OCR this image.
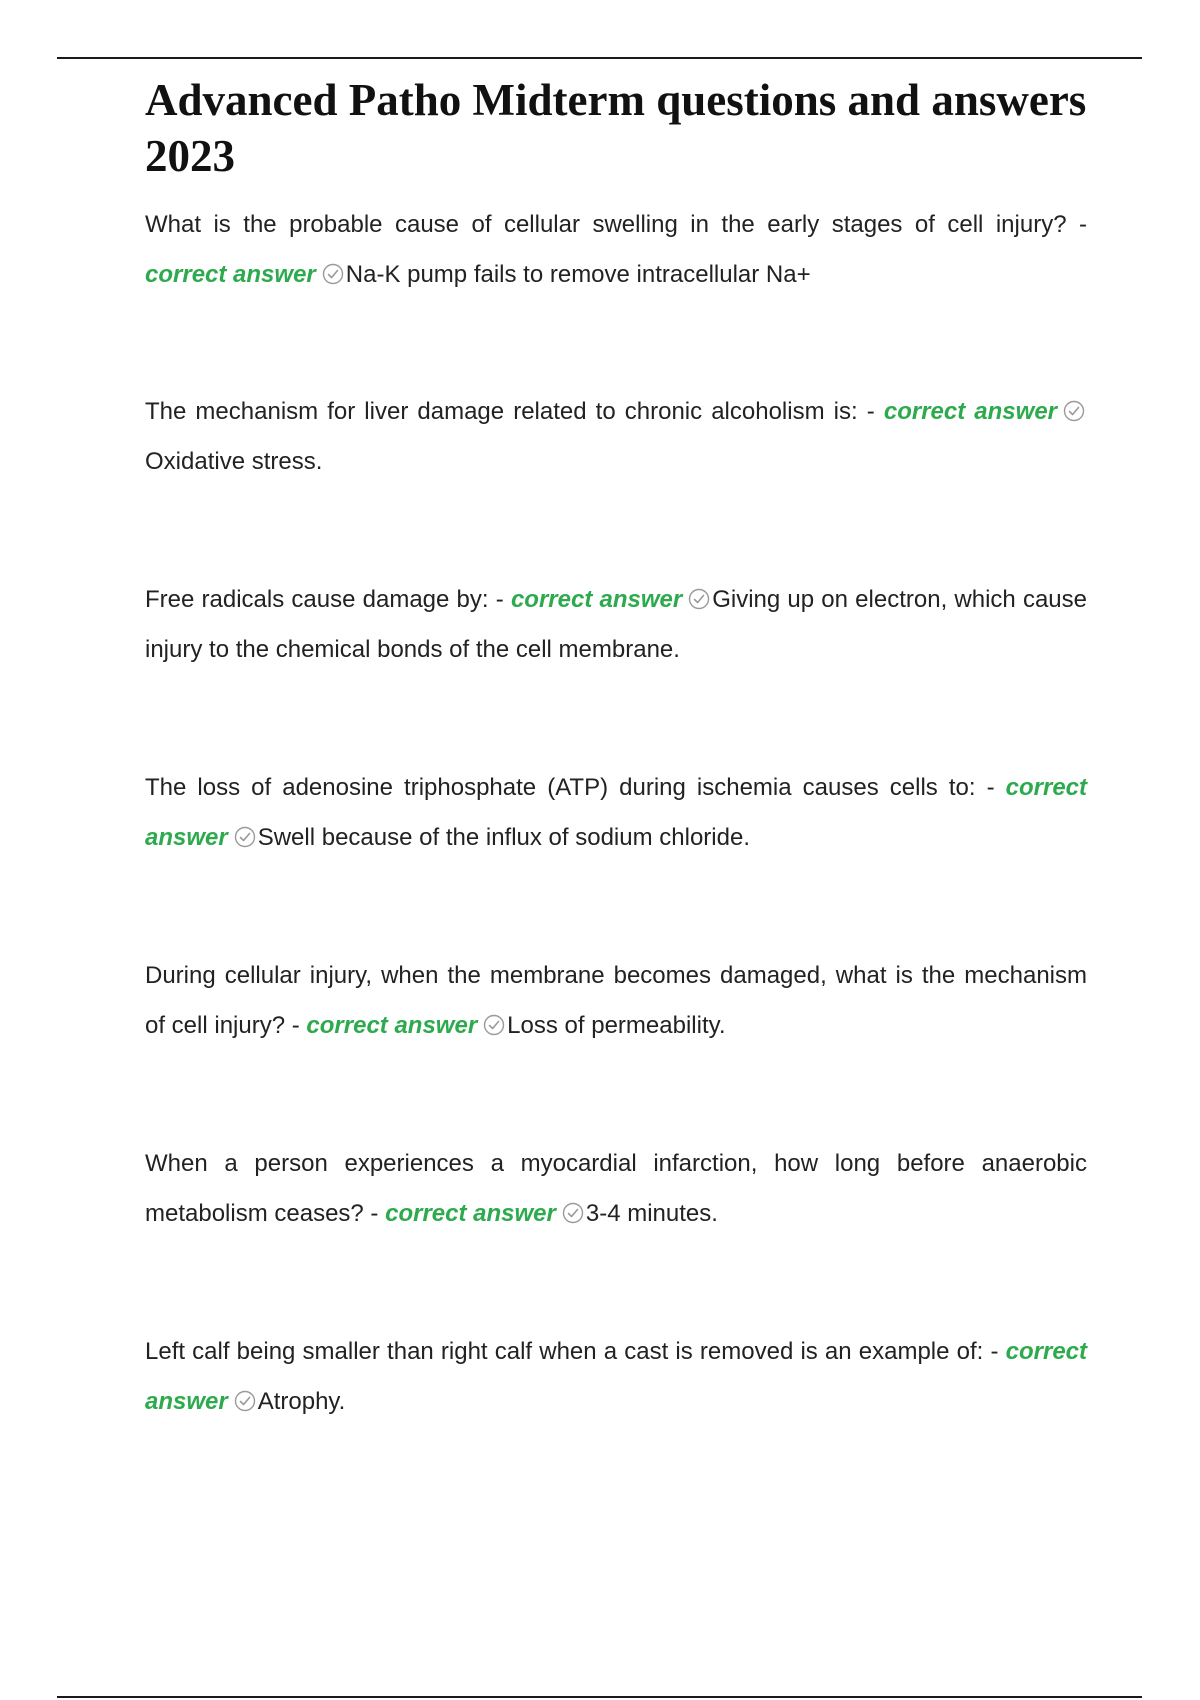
Advanced Patho Midterm questions and answers 2023

What is the probable cause of cellular swelling in the early stages of cell injury? - correct answer Na-K pump fails to remove intracellular Na+

The mechanism for liver damage related to chronic alcoholism is: - correct answerOxidative stress.

Free radicals cause damage by: - correct answer Giving up on electron, which cause injury to the chemical bonds of the cell membrane.

The loss of adenosine triphosphate (ATP) during ischemia causes cells to: - correct answer Swell because of the influx of sodium chloride.

During cellular injury, when the membrane becomes damaged, what is the mechanism of cell injury? - correct answer Loss of permeability.

When a person experiences a myocardial infarction, how long before anaerobic metabolism ceases? - correct answer 3-4 minutes.

Left calf being smaller than right calf when a cast is removed is an example of: - correct answer Atrophy.
